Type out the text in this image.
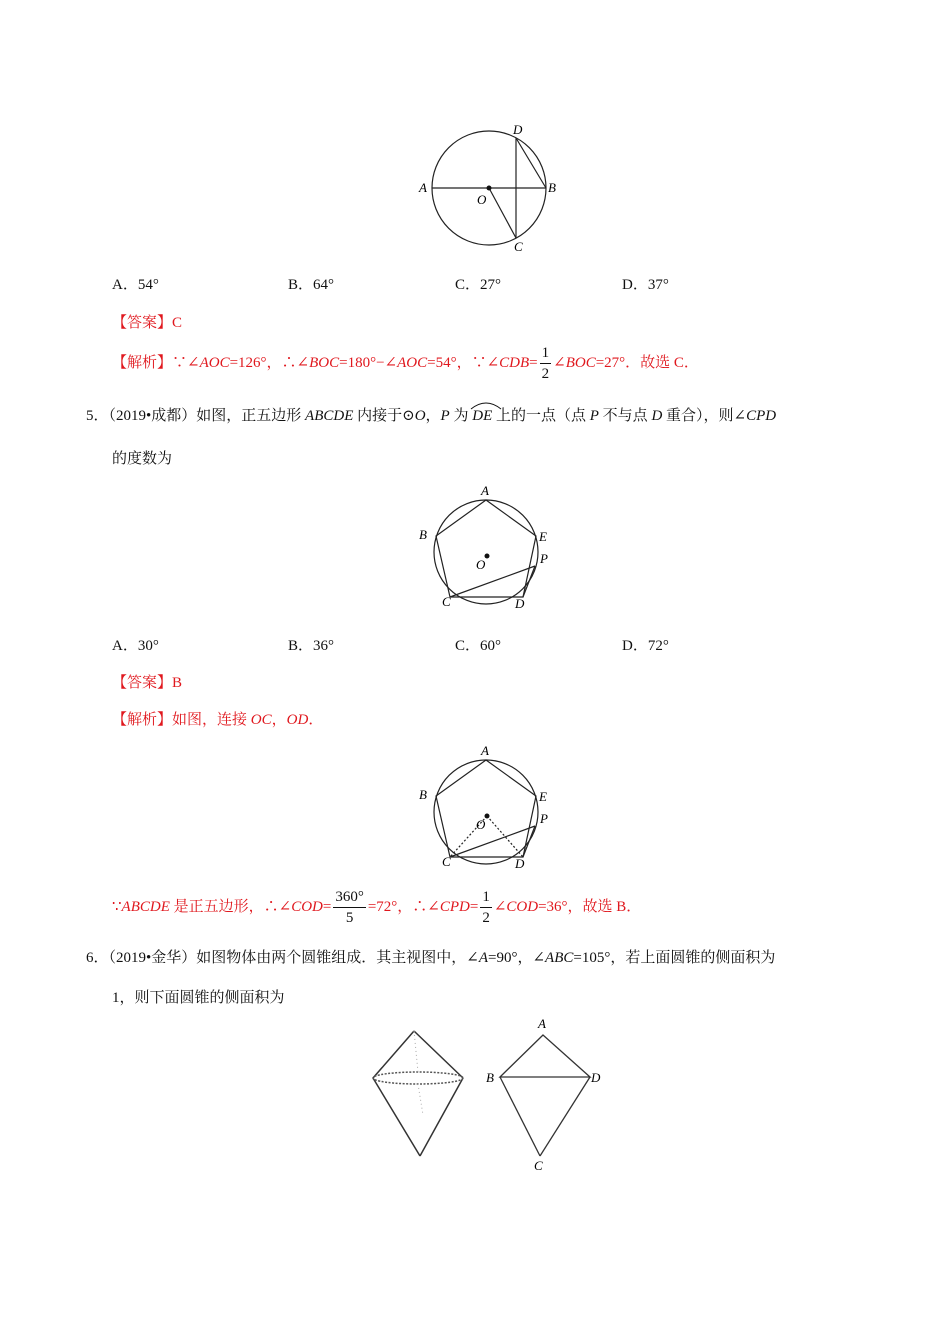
D
A	B
O
C
A．54°	B．64°	C．27°	D．37°
【答案】C
【解析】∵∠AOC=126°，∴∠BOC=180°−∠AOC=54°，∵∠CDB= $\frac{1}{2}$ ∠BOC=27°．故选 C．
5．（2019•成都）如图，正五边形 ABCDE 内接于⊙O，P 为 DE 上的一点（点 P 不与点 D 重合），则∠CPD
的度数为
A
B	E
P
O
C	D
A．30°	B．36°	C．60°	D．72°
【答案】B
【解析】如图，连接 OC，OD．
A
B	E
P
O
C	D
∵ABCDE 是正五边形，∴∠COD= $\frac{360^\circ}{5} =72^\circ$，∴∠CPD= $\frac{1}{2}$ ∠COD=36°，故选 B．
6．（2019•金华）如图物体由两个圆锥组成．其主视图中，∠A=90°，∠ABC=105°，若上面圆锥的侧面积为
1，则下面圆锥的侧面积为
A
B	D
C
